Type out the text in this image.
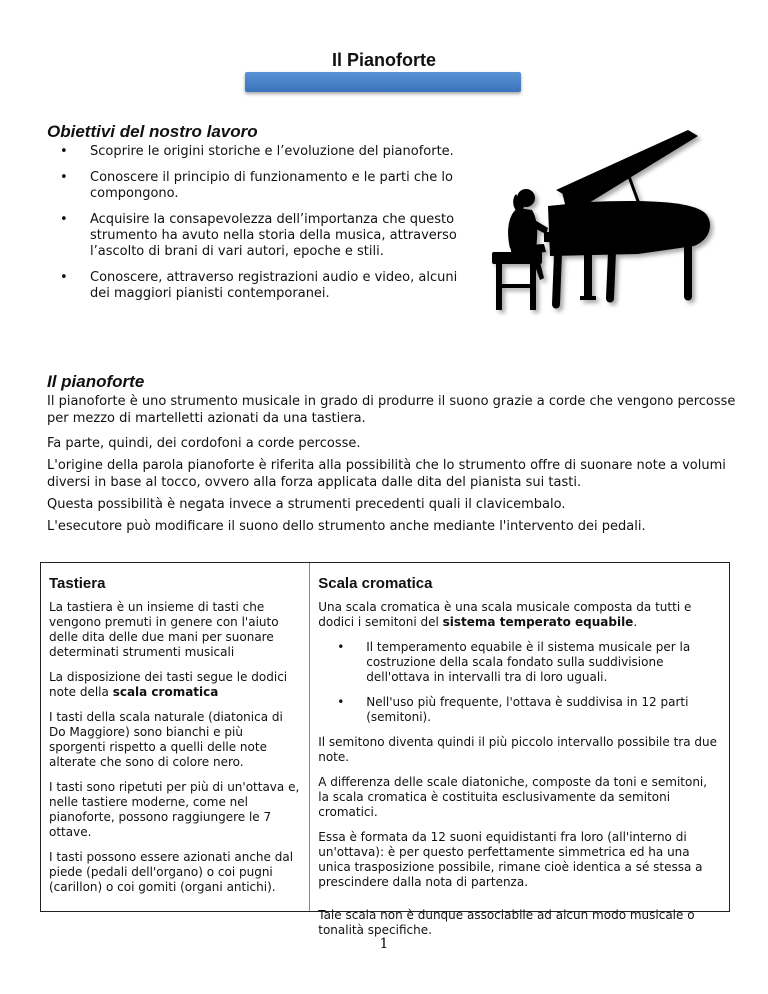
Il Pianoforte
Obiettivi del nostro lavoro
• Scoprire le origini storiche e l’evoluzione del pianoforte.
• Conoscere il principio di funzionamento e le parti che lo compongono.
• Acquisire la consapevolezza dell’importanza che questo strumento ha avuto nella storia della musica, attraverso l’ascolto di brani di vari autori, epoche e stili.
• Conoscere, attraverso registrazioni audio e video, alcuni dei maggiori pianisti contemporanei.
Il pianoforte

Il pianoforte è uno strumento musicale in grado di produrre il suono grazie a corde che vengono percosse per mezzo di martelletti azionati da una tastiera.

Fa parte, quindi, dei cordofoni a corde percosse.

L'origine della parola pianoforte è riferita alla possibilità che lo strumento offre di suonare note a volumi diversi in base al tocco, ovvero alla forza applicata dalle dita del pianista sui tasti.

Questa possibilità è negata invece a strumenti precedenti quali il clavicembalo.

L'esecutore può modificare il suono dello strumento anche mediante l'intervento dei pedali.

Tastiera

La tastiera è un insieme di tasti che vengono premuti in genere con l'aiuto delle dita delle due mani per suonare determinati strumenti musicali

La disposizione dei tasti segue le dodici note della scala cromatica

I tasti della scala naturale (diatonica di Do Maggiore) sono bianchi e più sporgenti rispetto a quelli delle note alterate che sono di colore nero.

I tasti sono ripetuti per più di un'ottava e, nelle tastiere moderne, come nel pianoforte, possono raggiungere le 7 ottave.

I tasti possono essere azionati anche dal piede (pedali dell'organo) o coi pugni (carillon) o coi gomiti (organi antichi).

Scala cromatica

Una scala cromatica è una scala musicale composta da tutti e dodici i semitoni del sistema temperato equabile.

• Il temperamento equabile è il sistema musicale per la costruzione della scala fondato sulla suddivisione dell'ottava in intervalli tra di loro uguali.
• Nell'uso più frequente, l'ottava è suddivisa in 12 parti (semitoni).

Il semitono diventa quindi il più piccolo intervallo possibile tra due note.

A differenza delle scale diatoniche, composte da toni e semitoni, la scala cromatica è costituita esclusivamente da semitoni cromatici.

Essa è formata da 12 suoni equidistanti fra loro (all'interno di un'ottava): è per questo perfettamente simmetrica ed ha una unica trasposizione possibile, rimane cioè identica a sé stessa a prescindere dalla nota di partenza.

Tale scala non è dunque associabile ad alcun modo musicale o tonalità specifiche.

1
